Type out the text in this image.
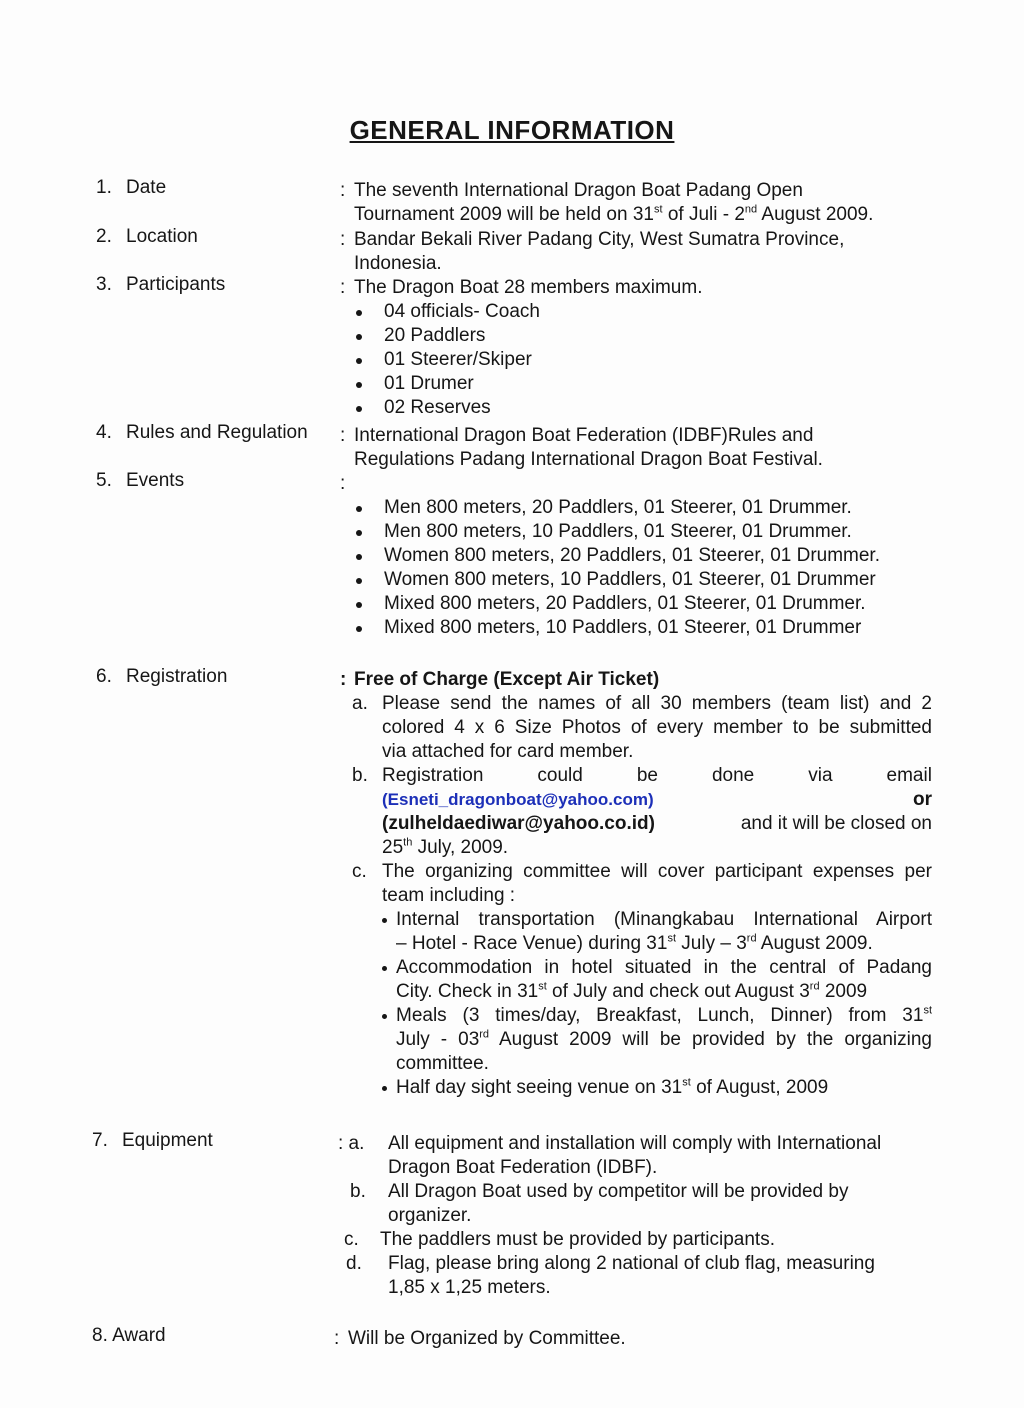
GENERAL INFORMATION
1. Date	: The seventh International Dragon Boat Padang Open
Tournament 2009 will be held on 31st of Juli - 2nd August 2009.
2. Location	: Bandar Bekali River Padang City, West Sumatra Province,
Indonesia.
3. Participants	: The Dragon Boat 28 members maximum.
04 officials- Coach
20 Paddlers
01 Steerer/Skiper
01 Drumer
02 Reserves
4. Rules and Regulation	: International Dragon Boat Federation (IDBF)Rules and
Regulations Padang International Dragon Boat Festival.
5. Events	:
Men 800 meters, 20 Paddlers, 01 Steerer, 01 Drummer.
Men 800 meters, 10 Paddlers, 01 Steerer, 01 Drummer.
Women 800 meters, 20 Paddlers, 01 Steerer, 01 Drummer.
Women 800 meters, 10 Paddlers, 01 Steerer, 01 Drummer
Mixed 800 meters, 20 Paddlers, 01 Steerer, 01 Drummer.
Mixed 800 meters, 10 Paddlers, 01 Steerer, 01 Drummer
6. Registration	: Free of Charge (Except Air Ticket)
a. Please send the names of all 30 members (team list) and 2
colored 4 x 6 Size Photos of every member to be submitted
via attached for card member.
b. Registration	could	be	done	via	email
(Esneti_dragonboat@yahoo.com)	or
(zulheldaediwar@yahoo.co.id)	and it will be closed on
25th July, 2009.
c. The organizing committee will cover participant expenses per
team including :
Internal transportation (Minangkabau International Airport
– Hotel - Race Venue) during 31st July – 3rd August 2009.
Accommodation in hotel situated in the central of Padang
City. Check in 31st of July and check out August 3rd 2009
Meals (3 times/day, Breakfast, Lunch, Dinner) from 31st
July - 03rd August 2009 will be provided by the organizing
committee.
Half day sight seeing venue on 31st of August, 2009
7. Equipment	: a. All equipment and installation will comply with International
Dragon Boat Federation (IDBF).
b. All Dragon Boat used by competitor will be provided by
organizer.
c. The paddlers must be provided by participants.
d. Flag, please bring along 2 national of club flag, measuring
1,85 x 1,25 meters.
8. Award	: Will be Organized by Committee.
